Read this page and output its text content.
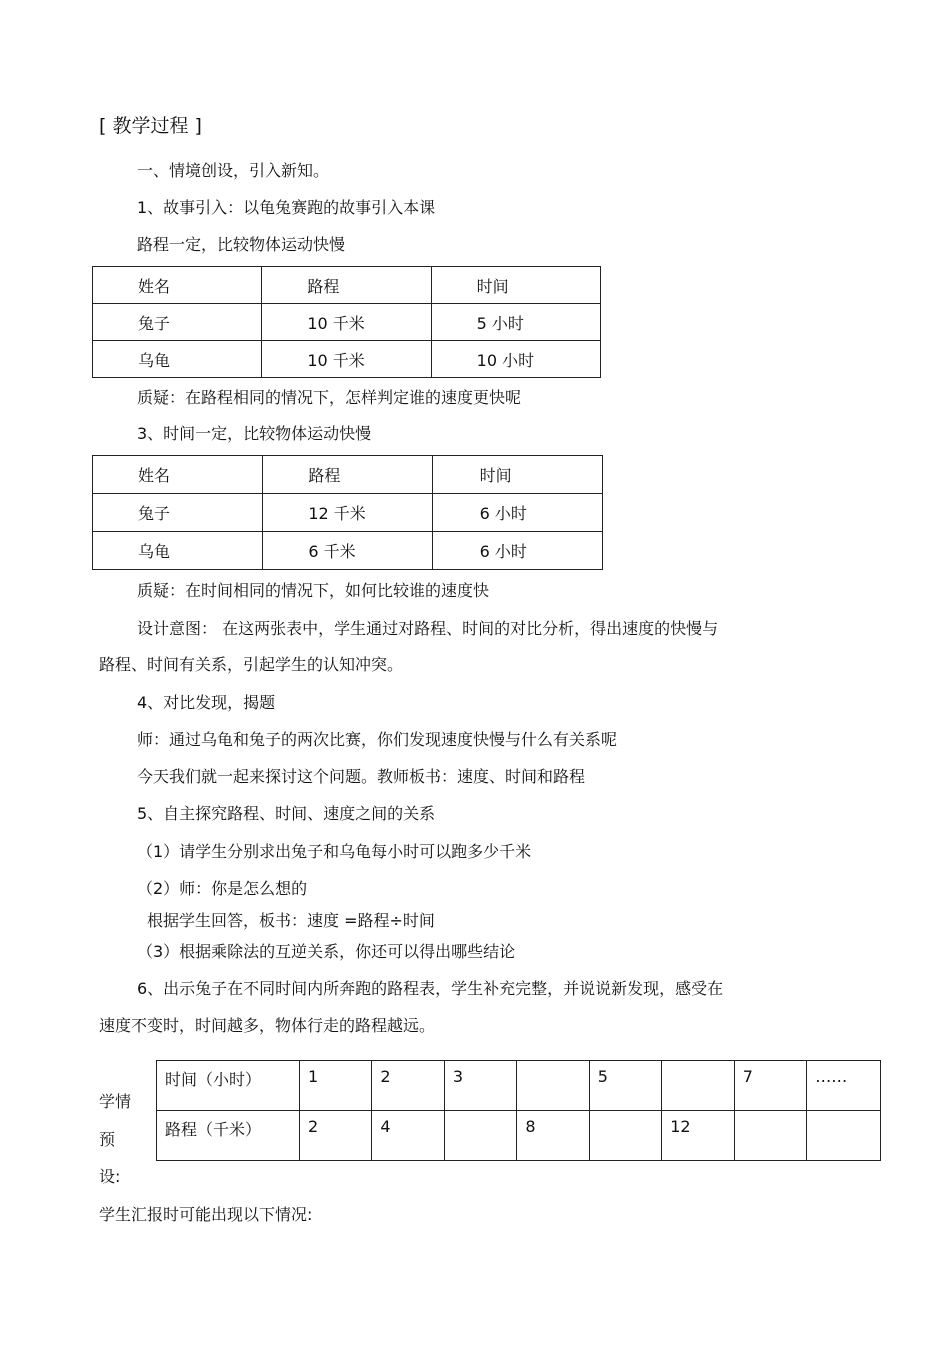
[ 教学过程 ]
一、情境创设，引入新知。
1、故事引入：以龟兔赛跑的故事引入本课
路程一定，比较物体运动快慢
姓名	路程	时间

兔子	10 千米	5 小时

乌龟	10 千米	10 小时
质疑：在路程相同的情况下，怎样判定谁的速度更快呢
3、时间一定，比较物体运动快慢
姓名	路程	时间

兔子	12 千米	6 小时

乌龟	6 千米	6 小时
质疑：在时间相同的情况下，如何比较谁的速度快
设计意图： 在这两张表中，学生通过对路程、时间的对比分析，得出速度的快慢与
路程、时间有关系，引起学生的认知冲突。
4、对比发现，揭题
师：通过乌龟和兔子的两次比赛，你们发现速度快慢与什么有关系呢
今天我们就一起来探讨这个问题。教师板书：速度、时间和路程
5、自主探究路程、时间、速度之间的关系
（1）请学生分别求出兔子和乌龟每小时可以跑多少千米
（2）师：你是怎么想的
根据学生回答，板书：速度 =路程÷时间
（3）根据乘除法的互逆关系，你还可以得出哪些结论
6、出示兔子在不同时间内所奔跑的路程表，学生补充完整，并说说新发现，感受在
速度不变时，时间越多，物体行走的路程越远。
学情
预
设:
时间（小时）	1	2	3		5		7	……

路程（千米）	2	4		8		12		

学生汇报时可能出现以下情况:
